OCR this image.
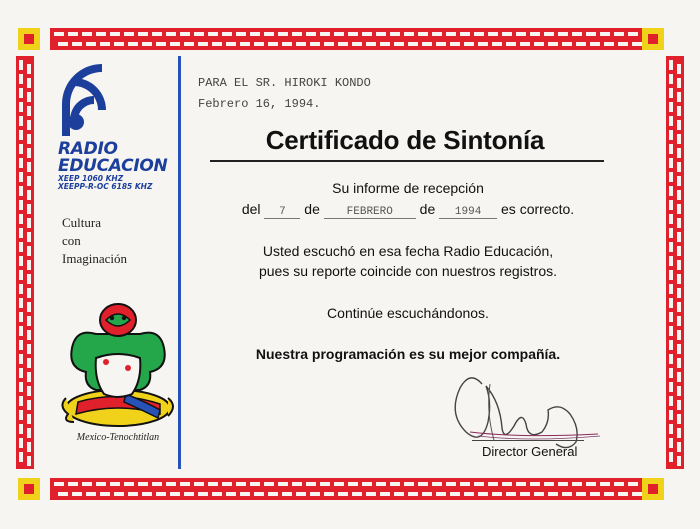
RADIO

EDUCACION

XEEP 1060 KHZ

XEEPP-R-OC 6185 KHZ

Cultura
con
Imaginación
Mexico-Tenochtitlan
PARA EL SR. HIROKI KONDO
Febrero 16, 1994.
Certificado de Sintonía
Su informe de recepción
del 7 de FEBRERO de 1994 es correcto.
Usted escuchó en esa fecha Radio Educación,
pues su reporte coincide con nuestros registros.
Continúe escuchándonos.
Nuestra programación es su mejor compañía.
Director General
